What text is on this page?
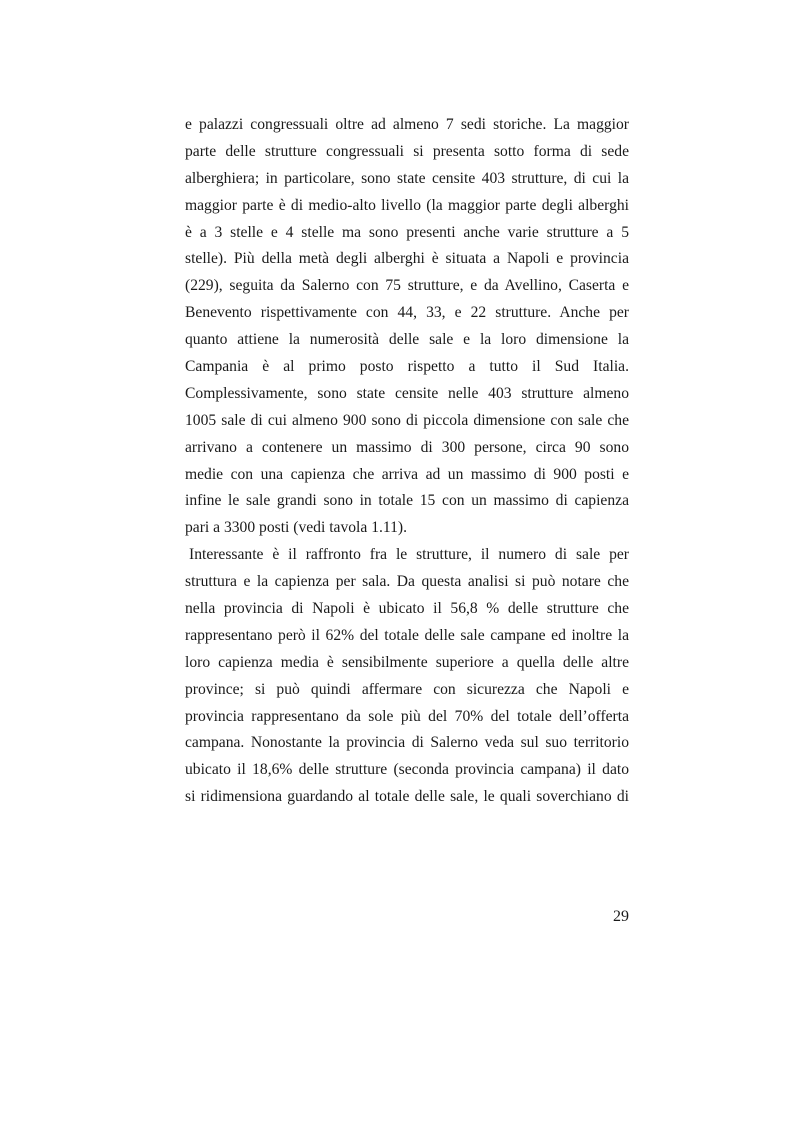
e palazzi congressuali oltre ad almeno 7 sedi storiche. La maggior
parte delle strutture congressuali si presenta sotto forma di sede
alberghiera; in particolare, sono state censite 403 strutture, di cui la
maggior parte è di medio-alto livello (la maggior parte degli alberghi
è a 3 stelle e 4 stelle ma sono presenti anche varie strutture a 5
stelle). Più della metà degli alberghi è situata a Napoli e provincia
(229), seguita da Salerno con 75 strutture, e da Avellino, Caserta e
Benevento rispettivamente con 44, 33, e 22 strutture. Anche per
quanto attiene la numerosità delle sale e la loro dimensione la
Campania è al primo posto rispetto a tutto il Sud Italia.
Complessivamente, sono state censite nelle 403 strutture almeno
1005 sale di cui almeno 900 sono di piccola dimensione con sale che
arrivano a contenere un massimo di 300 persone, circa 90 sono
medie con una capienza che arriva ad un massimo di 900 posti e
infine le sale grandi sono in totale 15 con un massimo di capienza
pari a 3300 posti (vedi tavola 1.11).
Interessante è il raffronto fra le strutture, il numero di sale per
struttura e la capienza per sala. Da questa analisi si può notare che
nella provincia di Napoli è ubicato il 56,8 % delle strutture che
rappresentano però il 62% del totale delle sale campane ed inoltre la
loro capienza media è sensibilmente superiore a quella delle altre
province; si può quindi affermare con sicurezza che Napoli e
provincia rappresentano da sole più del 70% del totale dell’offerta
campana. Nonostante la provincia di Salerno veda sul suo territorio
ubicato il 18,6% delle strutture (seconda provincia campana) il dato
si ridimensiona guardando al totale delle sale, le quali soverchiano di
29
